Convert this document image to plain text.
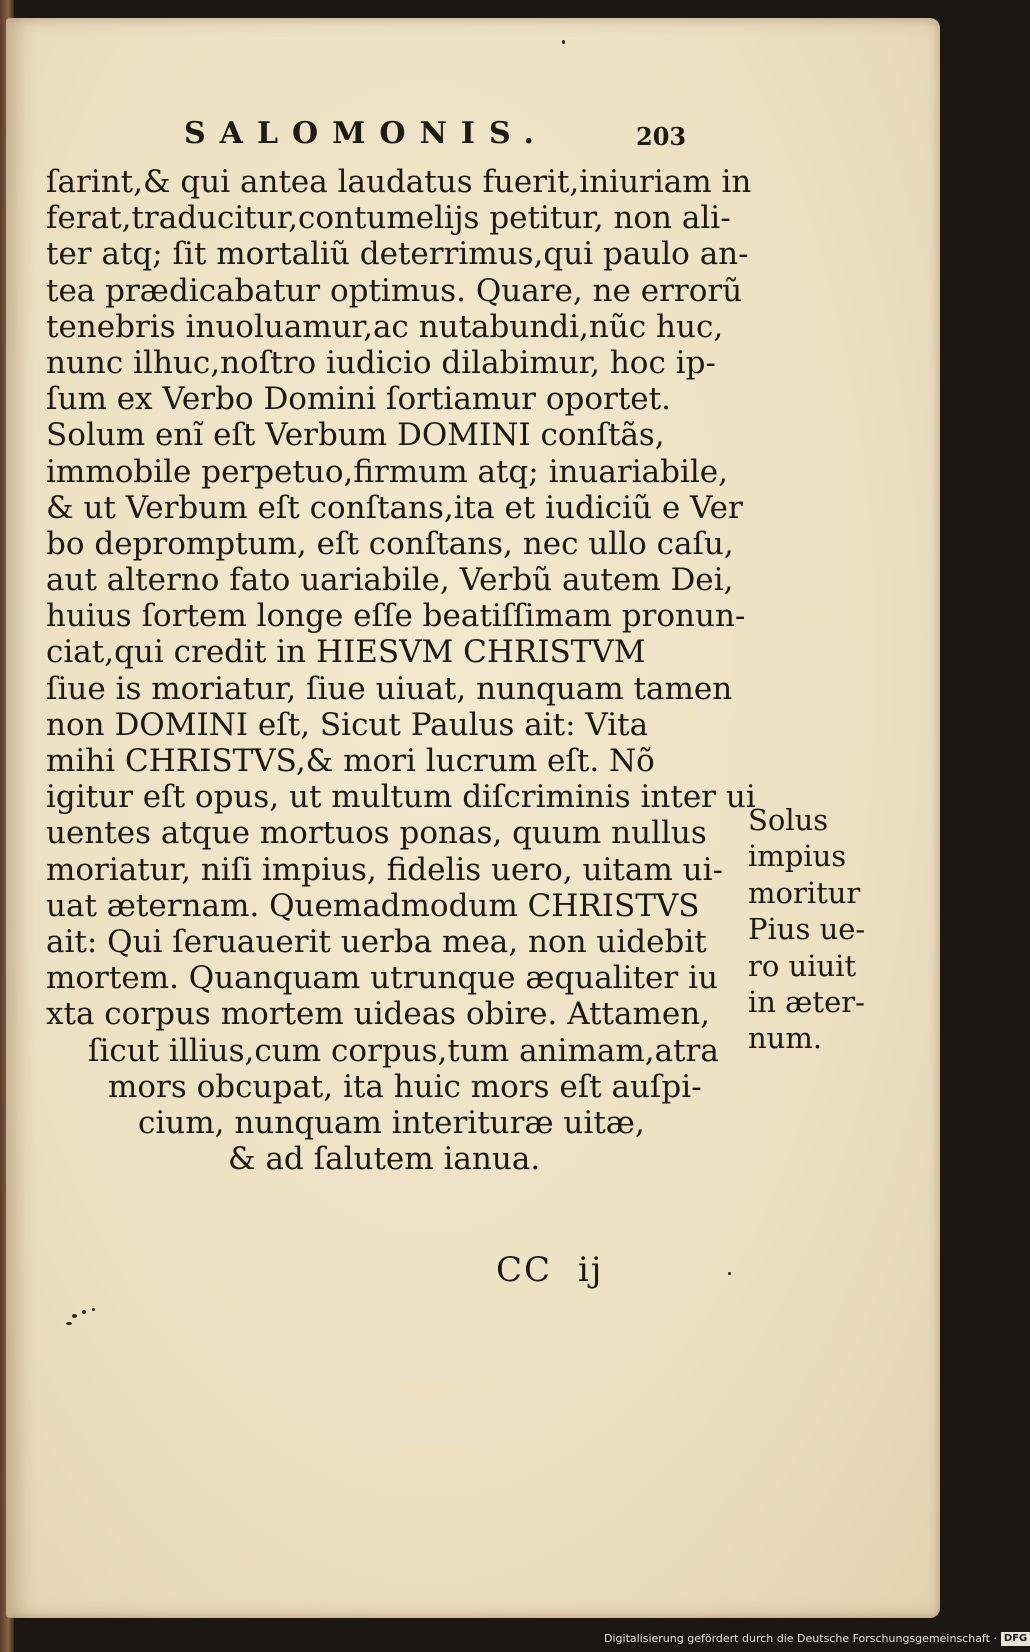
SALOMONIS.	203
ſarint,& qui antea laudatus fuerit,iniuriam in
ferat,traducitur,contumelijs petitur, non ali-
ter atq; ſit mortaliũ deterrimus,qui paulo an-
tea prædicabatur optimus. Quare, ne errorũ
tenebris inuoluamur,ac nutabundi,nũc huc,
nunc ilhuc,noſtro iudicio dilabimur, hoc ip-
ſum ex Verbo Domini ſortiamur oportet.
Solum enĩ eſt Verbum DOMINI conſtãs,
immobile perpetuo,firmum atq; inuariabile,
& ut Verbum eſt conſtans,ita et iudiciũ e Ver
bo depromptum, eſt conſtans, nec ullo caſu,
aut alterno fato uariabile, Verbũ autem Dei,
huius ſortem longe eſſe beatiſſimam pronun-
ciat,qui credit in HIESVM CHRISTVM
ſiue is moriatur, ſiue uiuat, nunquam tamen
non DOMINI eſt, Sicut Paulus ait: Vita
mihi CHRISTVS,& mori lucrum eſt. Nõ
igitur eſt opus, ut multum diſcriminis inter ui
uentes atque mortuos ponas, quum nullus
moriatur, niſi impius, fidelis uero, uitam ui-
uat æternam. Quemadmodum CHRISTVS
ait: Qui ſeruauerit uerba mea, non uidebit
mortem. Quanquam utrunque æqualiter iu
xta corpus mortem uideas obire. Attamen,
ſicut illius,cum corpus,tum animam,atra
mors obcupat, ita huic mors eſt auſpi-
cium, nunquam interituræ uitæ,
& ad ſalutem ianua.
Solus
impius
moritur
Pius ue-
ro uiuit
in æter-
num.
CC ij
Digitalisierung gefördert durch die Deutsche Forschungsgemeinschaft · DFG
